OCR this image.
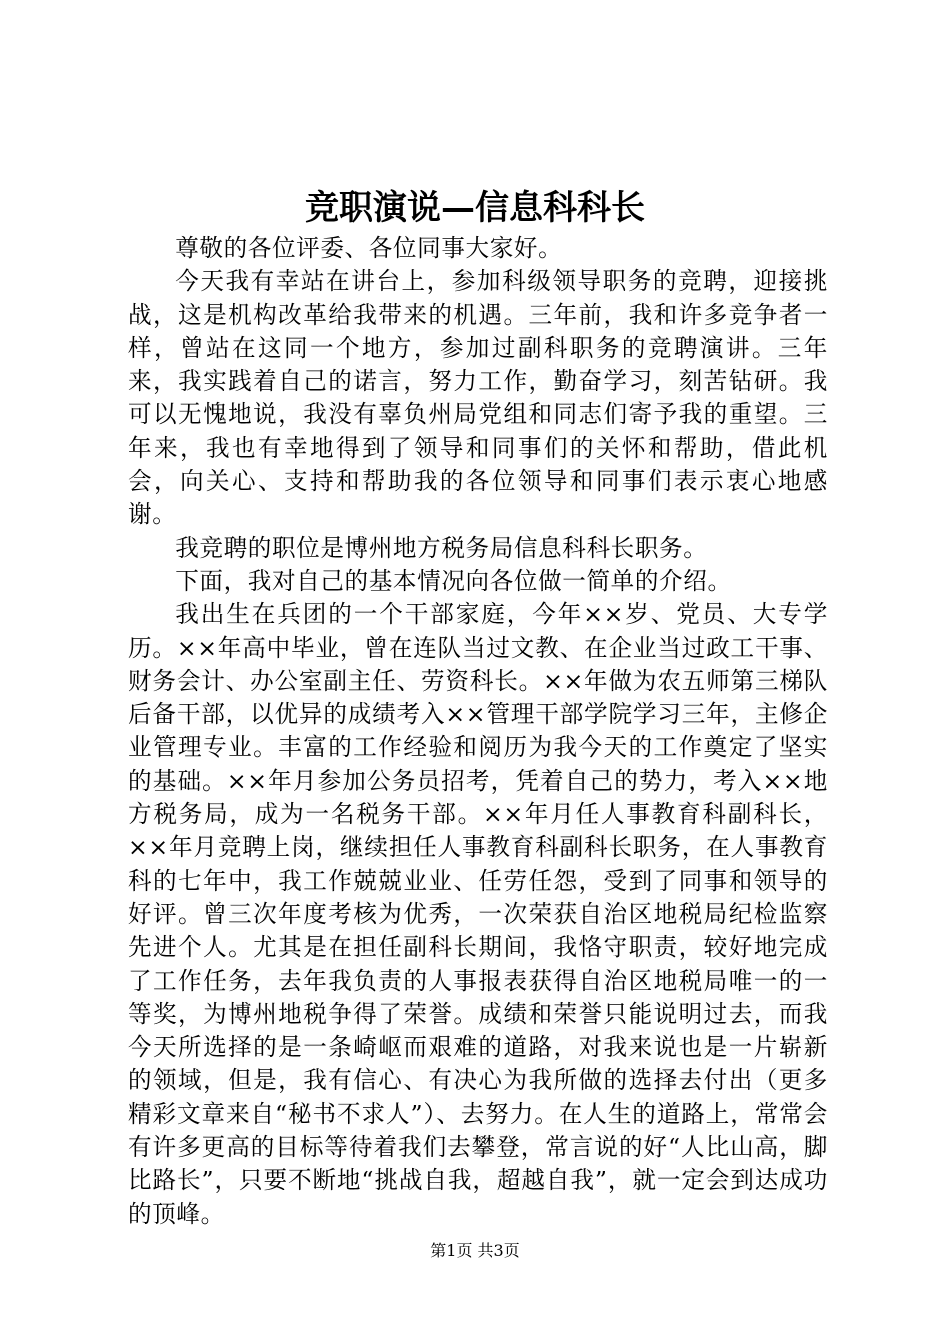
竞职演说—信息科科长

尊敬的各位评委、各位同事大家好。

今天我有幸站在讲台上，参加科级领导职务的竞聘，迎接挑战，这是机构改革给我带来的机遇。三年前，我和许多竞争者一样，曾站在这同一个地方，参加过副科职务的竞聘演讲。三年来，我实践着自己的诺言，努力工作，勤奋学习，刻苦钻研。我可以无愧地说，我没有辜负州局党组和同志们寄予我的重望。三年来，我也有幸地得到了领导和同事们的关怀和帮助，借此机会，向关心、支持和帮助我的各位领导和同事们表示衷心地感谢。

我竞聘的职位是博州地方税务局信息科科长职务。

下面，我对自己的基本情况向各位做一简单的介绍。

我出生在兵团的一个干部家庭，今年××岁、党员、大专学历。××年高中毕业，曾在连队当过文教、在企业当过政工干事、财务会计、办公室副主任、劳资科长。××年做为农五师第三梯队后备干部，以优异的成绩考入××管理干部学院学习三年，主修企业管理专业。丰富的工作经验和阅历为我今天的工作奠定了坚实的基础。××年月参加公务员招考，凭着自己的势力，考入××地方税务局，成为一名税务干部。××年月任人事教育科副科长，××年月竞聘上岗，继续担任人事教育科副科长职务，在人事教育科的七年中，我工作兢兢业业、任劳任怨，受到了同事和领导的好评。曾三次年度考核为优秀，一次荣获自治区地税局纪检监察先进个人。尤其是在担任副科长期间，我恪守职责，较好地完成了工作任务，去年我负责的人事报表获得自治区地税局唯一的一等奖，为博州地税争得了荣誉。成绩和荣誉只能说明过去，而我今天所选择的是一条崎岖而艰难的道路，对我来说也是一片崭新的领域，但是，我有信心、有决心为我所做的选择去付出（更多精彩文章来自“秘书不求人”）、去努力。在人生的道路上，常常会有许多更高的目标等待着我们去攀登，常言说的好“人比山高，脚比路长”，只要不断地“挑战自我，超越自我”，就一定会到达成功的顶峰。

第1页 共3页
